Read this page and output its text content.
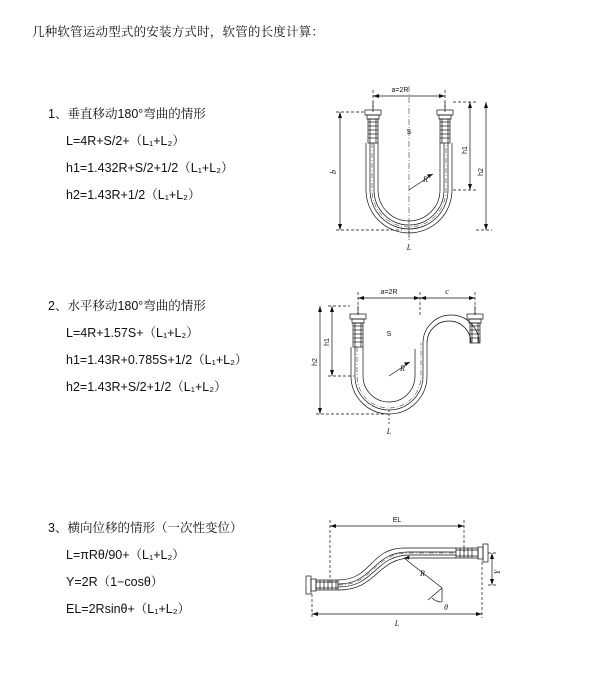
几种软管运动型式的安装方式时，软管的长度计算：
1、垂直移动180°弯曲的情形
L=4R+S/2+（L₁+L₂）
h1=1.432R+S/2+1/2（L₁+L₂）
h2=1.43R+1/2（L₁+L₂）
a=2R
b
h1
h2
R
L
S
2、水平移动180°弯曲的情形
L=4R+1.57S+（L₁+L₂）
h1=1.43R+0.785S+1/2（L₁+L₂）
h2=1.43R+S/2+1/2（L₁+L₂）
a=2R	c
h1
h2
R
L
S
3、横向位移的情形（一次性变位）
L=πRθ/90+（L₁+L₂）
Y=2R（1−cosθ）
EL=2Rsinθ+（L₁+L₂）
EL
Y
L
R
θ
